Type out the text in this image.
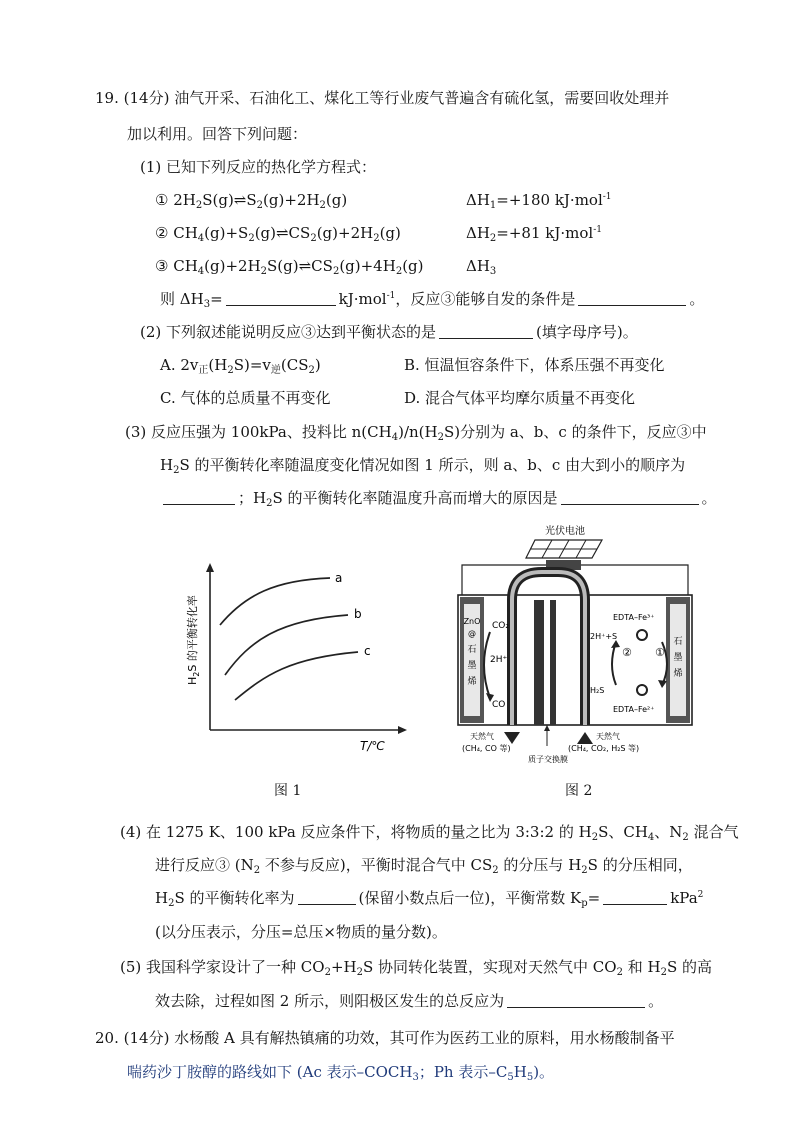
19. (14分) 油气开采、石油化工、煤化工等行业废气普遍含有硫化氢，需要回收处理并
加以利用。回答下列问题：
(1) 已知下列反应的热化学方程式：
① $2H_2S(g)\rightleftharpoons S_2(g)+2H_2(g)$	$\Delta H_1=+180$ kJ·mol$^{-1}$
② $CH_4(g)+S_2(g)\rightleftharpoons CS_2(g)+2H_2(g)$	$\Delta H_2=+81$ kJ·mol$^{-1}$
③ $CH_4(g)+2H_2S(g)\rightleftharpoons CS_2(g)+4H_2(g)$	$\Delta H_3$
则 $\Delta H_3=$	kJ·mol$^{-1}$，反应③能够自发的条件是	。
(2) 下列叙述能说明反应③达到平衡状态的是	(填字母序号)。
A. $2v_正(H_2S)=v_逆(CS_2)$	B. 恒温恒容条件下，体系压强不再变化
C. 气体的总质量不再变化	D. 混合气体平均摩尔质量不再变化
(3) 反应压强为 100kPa、投料比 $n(CH_4)/n(H_2S)$分别为 a、b、c 的条件下，反应③中
$H_2S$ 的平衡转化率随温度变化情况如图 1 所示，则 a、b、c 由大到小的顺序为
；$H_2S$ 的平衡转化率随温度升高而增大的原因是	。
a
b
c
T/℃
$H_2S$ 的平衡转化率
图 1
光伏电池
ZnO
@
石
墨
烯
石
墨
烯
CO₂
2H⁺
CO
EDTA–Fe³⁺
2H⁺+S
② ①
H₂S
EDTA–Fe²⁺
天然气
(CH₄, CO 等)
天然气
(CH₄, CO₂, H₂S 等)
质子交换膜
图 2
(4) 在 1275 K、100 kPa 反应条件下，将物质的量之比为 3:3:2 的 $H_2S$、$CH_4$、$N_2$ 混合气
进行反应③ ($N_2$ 不参与反应)，平衡时混合气中 $CS_2$ 的分压与 $H_2S$ 的分压相同，
$H_2S$ 的平衡转化率为	(保留小数点后一位)，平衡常数 $K_p=$	kPa$^2$
(以分压表示，分压=总压×物质的量分数)。
(5) 我国科学家设计了一种 $CO_2+H_2S$ 协同转化装置，实现对天然气中 $CO_2$ 和 $H_2S$ 的高
效去除，过程如图 2 所示，则阳极区发生的总反应为	。
20. (14分) 水杨酸 A 具有解热镇痛的功效，其可作为医药工业的原料，用水杨酸制备平
喘药沙丁胺醇的路线如下 (Ac 表示$-COCH_3$；Ph 表示$-C_5H_5$)。
